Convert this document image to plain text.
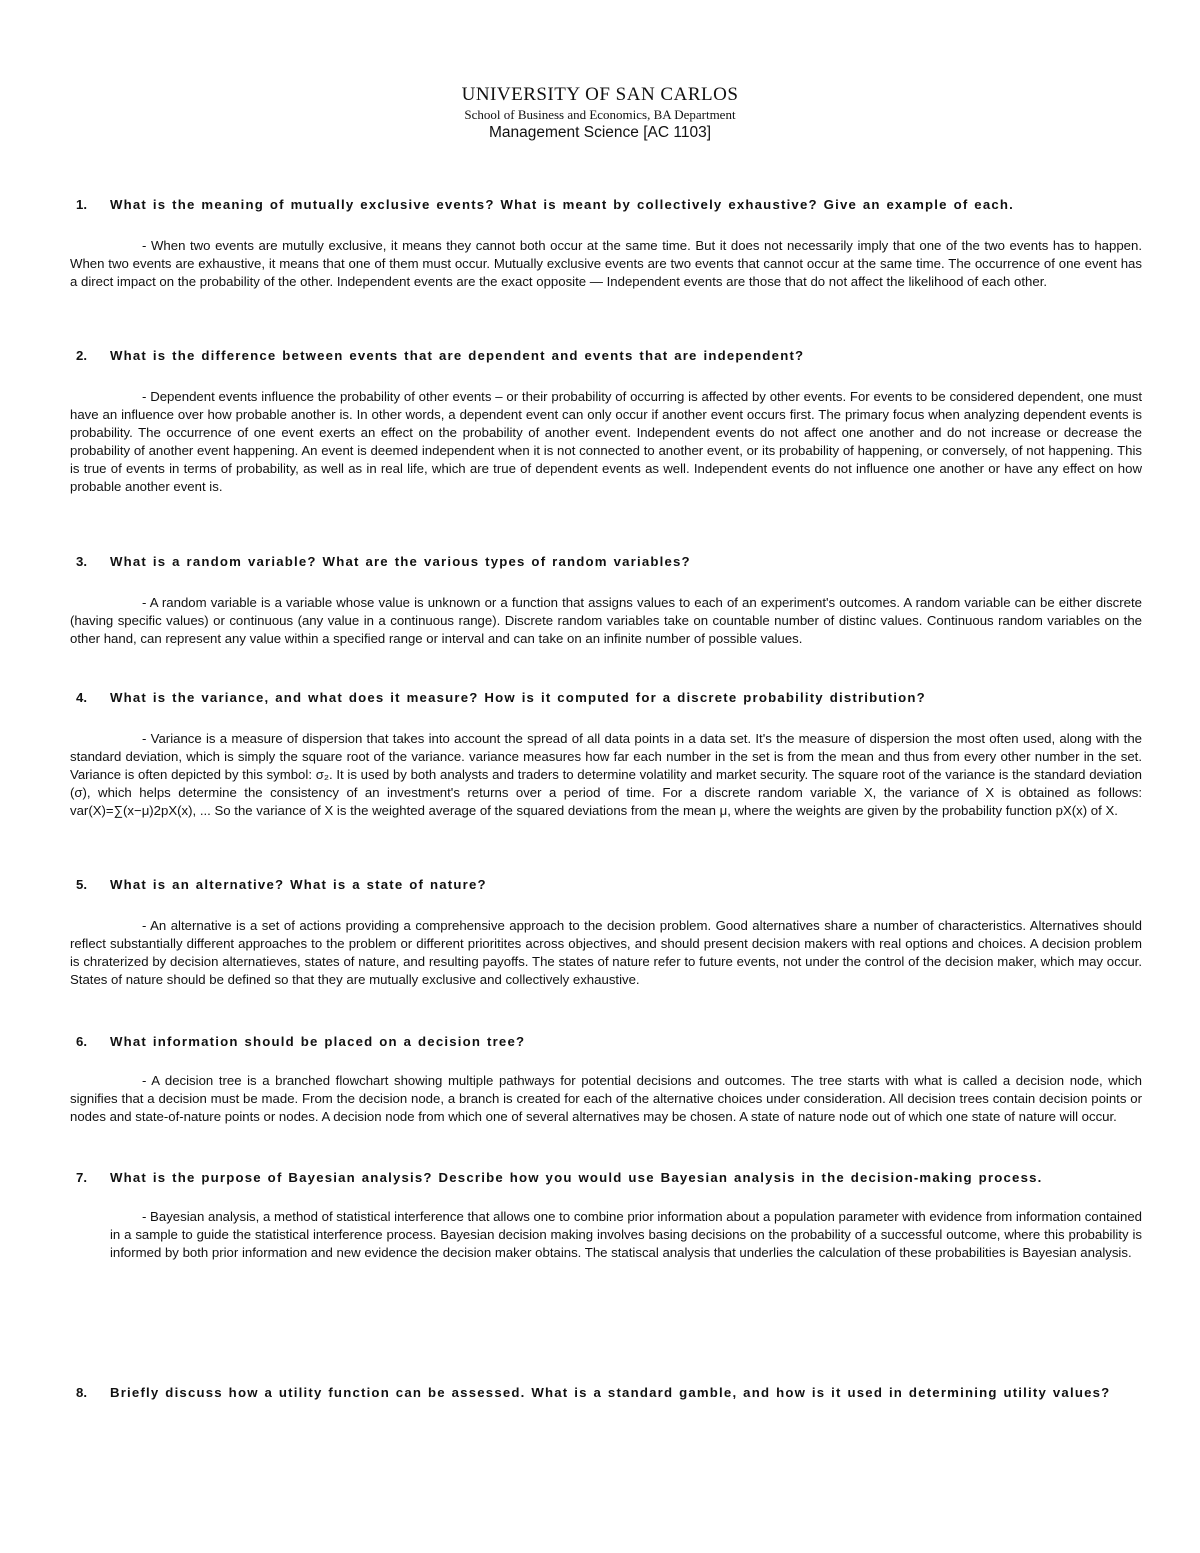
UNIVERSITY OF SAN CARLOS
School of Business and Economics, BA Department
Management Science [AC 1103]
1. What is the meaning of mutually exclusive events? What is meant by collectively exhaustive? Give an example of each.
- When two events are mutully exclusive, it means they cannot both occur at the same time. But it does not necessarily imply that one of the two events has to happen. When two events are exhaustive, it means that one of them must occur. Mutually exclusive events are two events that cannot occur at the same time. The occurrence of one event has a direct impact on the probability of the other. Independent events are the exact opposite — Independent events are those that do not affect the likelihood of each other.
2. What is the difference between events that are dependent and events that are independent?
- Dependent events influence the probability of other events – or their probability of occurring is affected by other events. For events to be considered dependent, one must have an influence over how probable another is. In other words, a dependent event can only occur if another event occurs first. The primary focus when analyzing dependent events is probability. The occurrence of one event exerts an effect on the probability of another event. Independent events do not affect one another and do not increase or decrease the probability of another event happening. An event is deemed independent when it is not connected to another event, or its probability of happening, or conversely, of not happening. This is true of events in terms of probability, as well as in real life, which are true of dependent events as well. Independent events do not influence one another or have any effect on how probable another event is.
3. What is a random variable? What are the various types of random variables?
- A random variable is a variable whose value is unknown or a function that assigns values to each of an experiment's outcomes. A random variable can be either discrete (having specific values) or continuous (any value in a continuous range). Discrete random variables take on countable number of distinc values. Continuous random variables on the other hand, can represent any value within a specified range or interval and can take on an infinite number of possible values.
4. What is the variance, and what does it measure? How is it computed for a discrete probability distribution?
- Variance is a measure of dispersion that takes into account the spread of all data points in a data set. It's the measure of dispersion the most often used, along with the standard deviation, which is simply the square root of the variance. variance measures how far each number in the set is from the mean and thus from every other number in the set. Variance is often depicted by this symbol: σ₂. It is used by both analysts and traders to determine volatility and market security. The square root of the variance is the standard deviation (σ), which helps determine the consistency of an investment's returns over a period of time. For a discrete random variable X, the variance of X is obtained as follows: var(X)=∑(x−μ)2pX(x), ... So the variance of X is the weighted average of the squared deviations from the mean μ, where the weights are given by the probability function pX(x) of X.
5. What is an alternative? What is a state of nature?
- An alternative is a set of actions providing a comprehensive approach to the decision problem. Good alternatives share a number of characteristics. Alternatives should reflect substantially different approaches to the problem or different prioritites across objectives, and should present decision makers with real options and choices. A decision problem is chraterized by decision alternatieves, states of nature, and resulting payoffs. The states of nature refer to future events, not under the control of the decision maker, which may occur. States of nature should be defined so that they are mutually exclusive and collectively exhaustive.
6. What information should be placed on a decision tree?
- A decision tree is a branched flowchart showing multiple pathways for potential decisions and outcomes. The tree starts with what is called a decision node, which signifies that a decision must be made. From the decision node, a branch is created for each of the alternative choices under consideration. All decision trees contain decision points or nodes and state-of-nature points or nodes. A decision node from which one of several alternatives may be chosen. A state of nature node out of which one state of nature will occur.
7. What is the purpose of Bayesian analysis? Describe how you would use Bayesian analysis in the decision-making process.
- Bayesian analysis, a method of statistical interference that allows one to combine prior information about a population parameter with evidence from information contained in a sample to guide the statistical interference process. Bayesian decision making involves basing decisions on the probability of a successful outcome, where this probability is informed by both prior information and new evidence the decision maker obtains. The statiscal analysis that underlies the calculation of these probabilities is Bayesian analysis.
8. Briefly discuss how a utility function can be assessed. What is a standard gamble, and how is it used in determining utility values?
